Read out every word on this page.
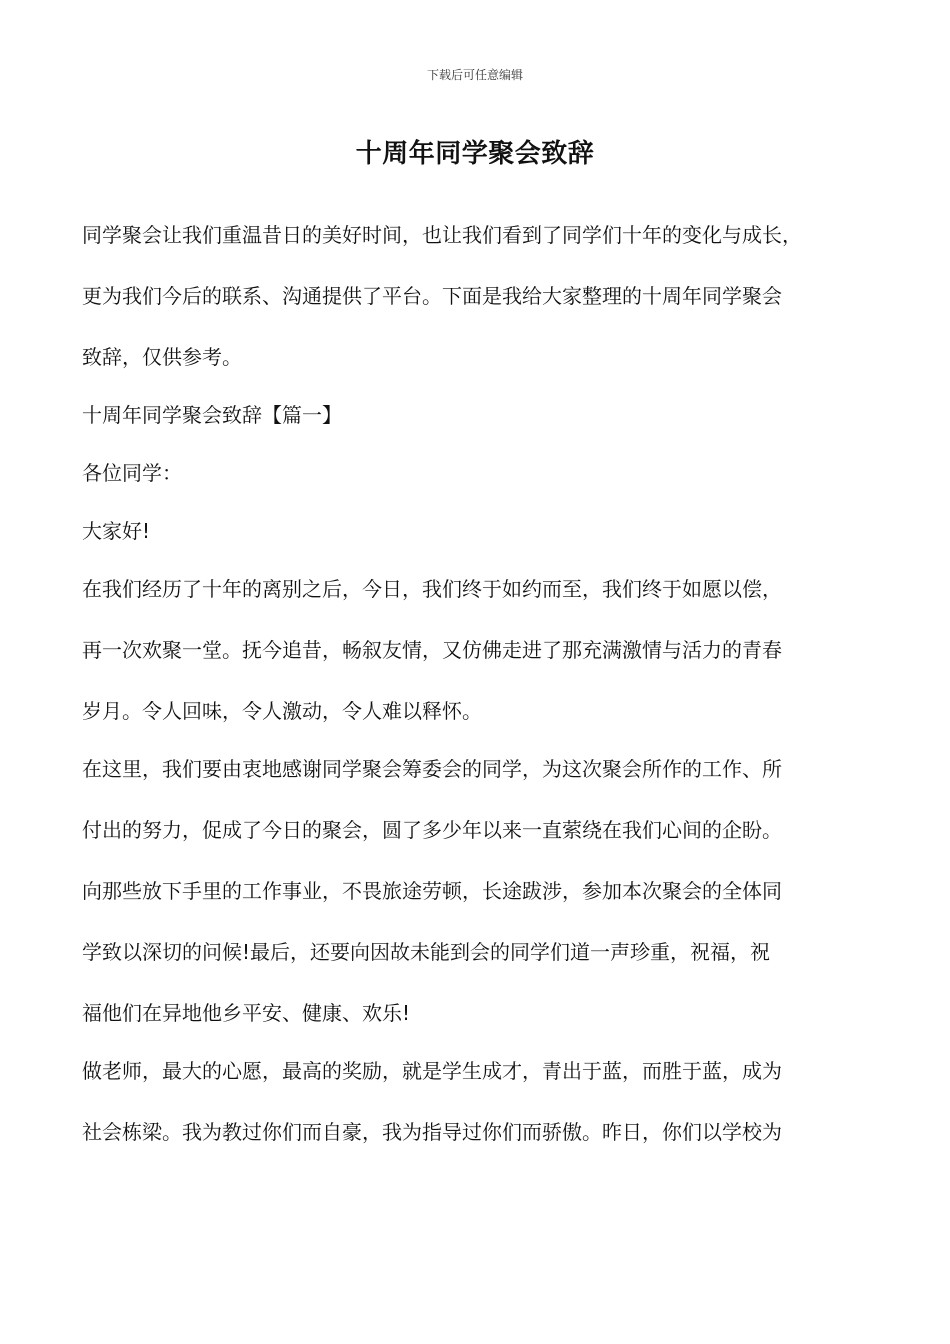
下载后可任意编辑
十周年同学聚会致辞
同学聚会让我们重温昔日的美好时间，也让我们看到了同学们十年的变化与成长，
更为我们今后的联系、沟通提供了平台。下面是我给大家整理的十周年同学聚会
致辞，仅供参考。
十周年同学聚会致辞【篇一】
各位同学：
大家好!
在我们经历了十年的离别之后，今日，我们终于如约而至，我们终于如愿以偿，
再一次欢聚一堂。抚今追昔，畅叙友情，又仿佛走进了那充满激情与活力的青春
岁月。令人回味，令人激动，令人难以释怀。
在这里，我们要由衷地感谢同学聚会筹委会的同学，为这次聚会所作的工作、所
付出的努力，促成了今日的聚会，圆了多少年以来一直萦绕在我们心间的企盼。
向那些放下手里的工作事业，不畏旅途劳顿，长途跋涉，参加本次聚会的全体同
学致以深切的问候!最后，还要向因故未能到会的同学们道一声珍重，祝福，祝
福他们在异地他乡平安、健康、欢乐!
做老师，最大的心愿，最高的奖励，就是学生成才，青出于蓝，而胜于蓝，成为
社会栋梁。我为教过你们而自豪，我为指导过你们而骄傲。昨日，你们以学校为
